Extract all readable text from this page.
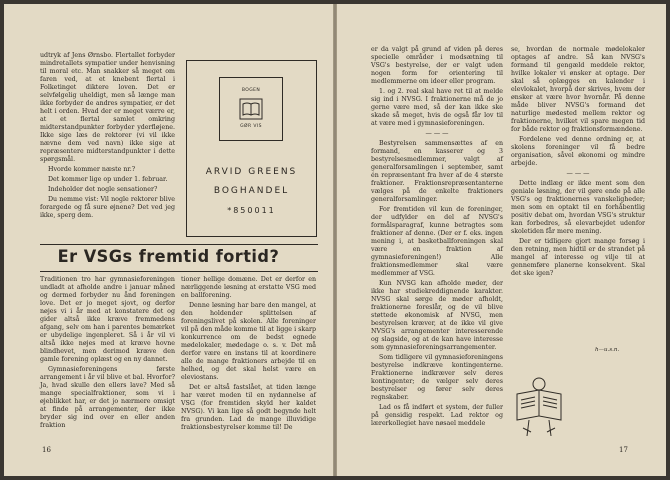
udtryk af Jens Ørnsbo. Flertallet forbyder mindretallets sympatier under henvisning til moral etc. Man snakker så meget om faren ved, at et knebent flertal i Folketinget diktere loven. Det er selvfølgelig uheldigt, men så længe man ikke forbyder de andres sympatier, er det helt i orden. Hvad der er meget værre er, at et flertal samlet omkring midterstandpunkter forbyder yderfløjene. Ikke sige læs de rektorer (vi vil ikke nævne dem ved navn) ikke sige at repræsentere midterstandpunkter i dette spørgsmål.

Hvorde kommer næste nr.?

Det kommer lige op under 1. februar.

Indeholder det nogle sensationer?

Du nemme vist: Vil nogle rektorer blive forargede og få sure øjnene? Det ved jeg ikke, sperg dem.

BOGEN
GØR VIS
ARVID GREENS
BOGHANDEL
*850011
Er VSGs fremtid fortid?

Traditionen tro har gymnasieforeningen undladt at afholde andre i januar måned og dermed forbyder nu ånd foreningen love. Det er jo meget sjovt, og derfor nøjes vi i år med at konstatere det og gider altså ikke kræve fremmedens afgang, selv om han i parentes bemærket er ubydelige ingenpleret. Så i år vil vi altså ikke nøjes med at kræve hovne blindhevet, men derimod kræve den gamle forening oplæst og en ny dannet.

Gymnasieforeningens første arrangement i år vil blive et bal. Hvorfor? Ja, hvad skulle den ellers lave? Med så mange specialfraktioner, som vi i øjeblikket har, er det jo nærmere omsigt at finde på arrangementer, der ikke bryder sig ind over en eller anden fraktion

tioner hellige domæne. Det er derfor en nærliggende løsning at erstatte VSG med en ballforening.

Denne løsning har bare den mangel, at den holdender splittelsen af foreningslivet på skolen. Alle foreninger vil på den måde komme til at ligge i skarp konkurrence om de bedst egnede mødelokaler, mødedage o. s. v. Det må derfor være en instans til at koordinere alle de mange fraktioners arbejde til en helhed, og det skal helst være en eleviostans.

Det er altså fastslået, at tiden længe har været moden til en nydannelse af VSG (for fremtiden skyld her kaldet NVSG). Vi kan lige så godt begynde helt fra grunden. Lad de mange illuvidige fraktionsbestyrelser komme til! De

16

er da valgt på grund af viden på deres specielle områder i modsætning til VSG's bestyrelse, der er valgt uden nogen form for orientering til medlemmerne om ideer eller program.

1. og 2. real skal have ret til at melde sig ind i NVSG. I fraktionerne må de jo gerne være med, så der kan ikke ske skade så meget, hvis de også får lov til at være med i gymnasieforeningen.

— — —

Bestyrelsen sammensættes af en formand, en kasserer og 3 bestyrelsesmedlemmer, valgt af generalforsamlingen i september, samt én repræsentant fra hver af de 4 største fraktioner. Fraktionsrepræsentanterne vælges på de enkelte fraktioners generalforsamlinger.

For fremtiden vil kun de foreninger, der udfylder en del af NVSG's formålsparagraf, kunne betragtes som fraktioner af denne. (Der er f. eks. ingen mening i, at basketballforeningen skal være en fraktion af gymnasieforeningen!) Alle fraktionsmedlemmer skal være medlemmer af VSG.

Kun NVSG kan afholde møder, der ikke har studiekreddignende karakter. NVSG skal sørge de møder afholdt, fraktionerne foreslår, og de vil blive støttede økonomisk af NVSG, men bestyrelsen kræver, at de ikke vil give NVSG's arrangementer interesserende og slagside, og at de kan have interesse som gymnasieforeningsarrangementer.

Som tidligere vil gymnasieforeningens bestyrelse indkræve kontingenterne. Fraktionerne indkræver selv deres kontingenter; de vælger selv deres bestyrelser og fører selv deres regnskaber.

Lad os få indført et system, der fuller på gensidig respekt. Lad rektor og lærerkollegiet have nøsael meddele

se, hvordan de normale mødelokaler optages af andre. Så kan NVSG's formand til gengæld meddele rektor, hvilke lokaler vi ønsker at optage. Der skal så oplægges en kalender i elevlokalet, hvorpå der skrives, hvem der ønsker at være hvor hvornår. På denne måde bliver NVSG's formand det naturlige mødested mellem rektor og fraktionerne, hvilket vil spare megen tid for både rektor og fraktionsformændene.

Fordelene ved denne ordning er, at skolens foreninger vil få bedre organisation, såvel økonomi og mindre arbejde.

— — —

Dette indlæg er ikke ment som den geniale løsning, der vil gøre ende på alle VSG's og fraktionernes vanskeligheder; men som en optakt til en forhåbentlig positiv debat om, hvordan VSG's struktur kan forbedres, så elevarbejdet udenfor skoletiden får mere mening.

Der er tidligere gjort mange forsøg i den retning, men hidtil er de strandet på mangel af interesse og vilje til at gennemføre planerne konsekvent. Skal det ske igen?

h—u.s.n.
17
